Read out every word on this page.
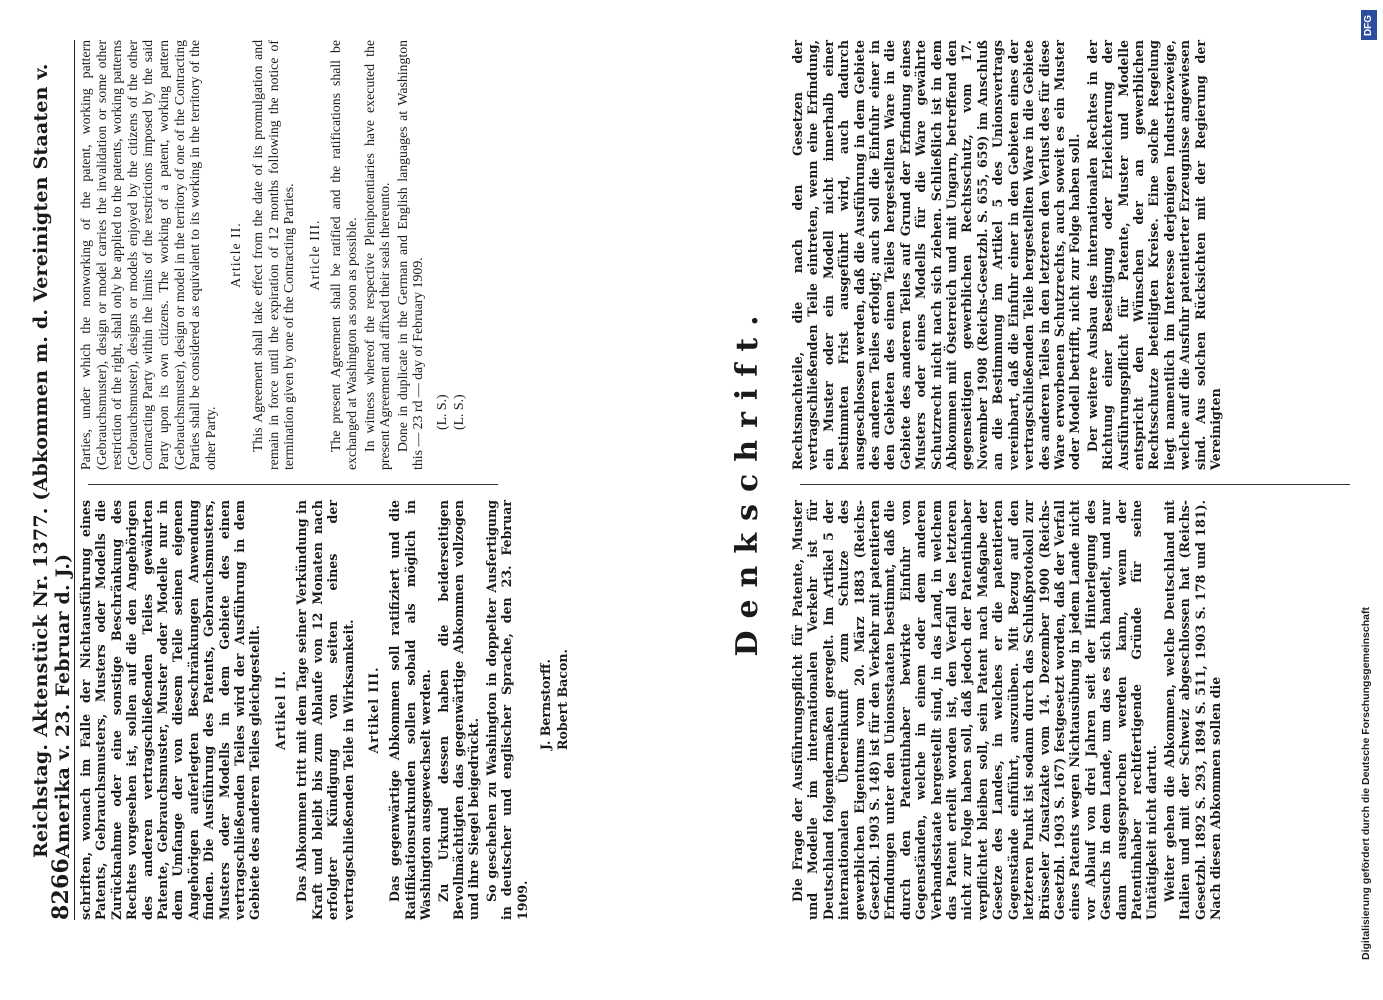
8266
Reichstag. Aktenstück Nr. 1377. (Abkommen m. d. Vereinigten Staaten v. Amerika v. 23. Februar d. J.) schriften, wonach im Falle der Nichtausführung eines Patents, Gebrauchsmusters, Musters oder Modells die Zurücknahme oder eine sonstige Beschränkung des Rechtes vorgesehen ist, sollen auf die den Angehörigen des anderen vertragschließenden Teiles gewährten Patente, Gebrauchsmuster, Muster oder Modelle nur in dem Umfange der von diesem Teile seinen eigenen Angehörigen auferlegten Beschränkungen Anwendung finden. Die Ausführung des Patents, Gebrauchsmusters, Musters oder Modells in dem Gebiete des einen vertragschließenden Teiles wird der Ausführung in dem Gebiete des anderen Teiles gleichgestellt. Artikel II. Das Abkommen tritt mit dem Tage seiner Verkündung in Kraft und bleibt bis zum Ablaufe von 12 Monaten nach erfolgter Kündigung von seiten eines der vertragschließenden Teile in Wirksamkeit. Artikel III. Das gegenwärtige Abkommen soll ratifiziert und die Ratifikationsurkunden sollen sobald als möglich in Washington ausgewechselt werden. Zu Urkund dessen haben die beiderseitigen Bevollmächtigten das gegenwärtige Abkommen vollzogen und ihre Siegel beigedrückt. So geschehen zu Washington in doppelter Ausfertigung in deutscher und englischer Sprache, den 23. Februar 1909.

J. Bernstorff. Robert Bacon.

Parties, under which the nonworking of the patent, working pattern (Gebrauchsmuster), design or model carries the invalidation or some other restriction of the right, shall only be applied to the patents, working patterns (Gebrauchsmuster), designs or models enjoyed by the citizens of the other Contracting Party within the limits of the restrictions imposed by the said Party upon its own citizens. The working of a patent, working pattern (Gebrauchsmuster), design or model in the territory of one of the Contracting Parties shall be considered as equivalent to its working in the territory of the other Party.

Article II. This Agreement shall take effect from the date of its promulgation and remain in force until the expiration of 12 months following the notice of termination given by one of the Contracting Parties. Article III. The present Agreement shall be ratified and the ratifications shall be exchanged at Washington as soon as possible. In witness whereof the respective Plenipotentiaries have executed the present Agreement and affixed their seals thereunto. Done in duplicate in the German and English languages at Washington this — 23 rd — day of February 1909. (L. S.) (L. S.)	Denkschrift.

Die Frage der Ausführungspflicht für Patente, Muster und Modelle im internationalen Verkehr ist für Deutschland folgendermaßen geregelt. Im Artikel 5 der internationalen Übereinkunft zum Schutze des gewerblichen Eigentums vom 20. März 1883 (Reichs-Gesetzbl. 1903 S. 148) ist für den Verkehr mit patentierten Erfindungen unter den Unionsstaaten bestimmt, daß die durch den Patentinhaber bewirkte Einfuhr von Gegenständen, welche in einem oder dem anderen Verbandsstaate hergestellt sind, in das Land, in welchem das Patent erteilt worden ist, den Verfall des letzteren nicht zur Folge haben soll, daß jedoch der Patentinhaber verpflichtet bleiben soll, sein Patent nach Maßgabe der Gesetze des Landes, in welches er die patentierten Gegenstände einführt, auszuüben. Mit Bezug auf den letzteren Punkt ist sodann durch das Schlußprotokoll zur Brüsseler Zusatzakte vom 14. Dezember 1900 (Reichs-Gesetzbl. 1903 S. 167) festgesetzt worden, daß der Verfall eines Patents wegen Nichtausübung in jedem Lande nicht vor Ablauf von drei Jahren seit der Hinterlegung des Gesuchs in dem Lande, um das es sich handelt, und nur dann ausgesprochen werden kann, wenn der Patentinhaber rechtfertigende Gründe für seine Untätigkeit nicht dartut. Weiter gehen die Abkommen, welche Deutschland mit Italien und mit der Schweiz abgeschlossen hat (Reichs-Gesetzbl. 1892 S. 293, 1894 S. 511, 1903 S. 178 und 181). Nach diesen Abkommen sollen die

Rechtsnachteile, die nach den Gesetzen der vertragschließenden Teile eintreten, wenn eine Erfindung, ein Muster oder ein Modell nicht innerhalb einer bestimmten Frist ausgeführt wird, auch dadurch ausgeschlossen werden, daß die Ausführung in dem Gebiete des anderen Teiles erfolgt; auch soll die Einfuhr einer in den Gebieten des einen Teiles hergestellten Ware in die Gebiete des anderen Teiles auf Grund der Erfindung eines Musters oder eines Modells für die Ware gewährte Schutzrecht nicht nach sich ziehen. Schließlich ist in dem Abkommen mit Österreich und mit Ungarn, betreffend den gegenseitigen gewerblichen Rechtsschutz, vom 17. November 1908 (Reichs-Gesetzbl. S. 655, 659) im Anschluß an die Bestimmung im Artikel 5 des Unionsvertrags vereinbart, daß die Einfuhr einer in den Gebieten eines der vertragschließenden Teile hergestellten Ware in die Gebiete des anderen Teiles in den letzteren den Verlust des für diese Ware erworbenen Schutzrechts, auch soweit es ein Muster oder Modell betrifft, nicht zur Folge haben soll. Der weitere Ausbau des internationalen Rechtes in der Richtung einer Beseitigung oder Erleichterung der Ausführungspflicht für Patente, Muster und Modelle entspricht den Wünschen der an gewerblichen Rechtsschutze beteiligten Kreise. Eine solche Regelung liegt namentlich im Interesse derjenigen Industriezweige, welche auf die Ausfuhr patentierter Erzeugnisse angewiesen sind. Aus solchen Rücksichten mit der Regierung der Vereinigten

DFG
Digitalisierung gefördert durch die Deutsche Forschungsgemeinschaft
